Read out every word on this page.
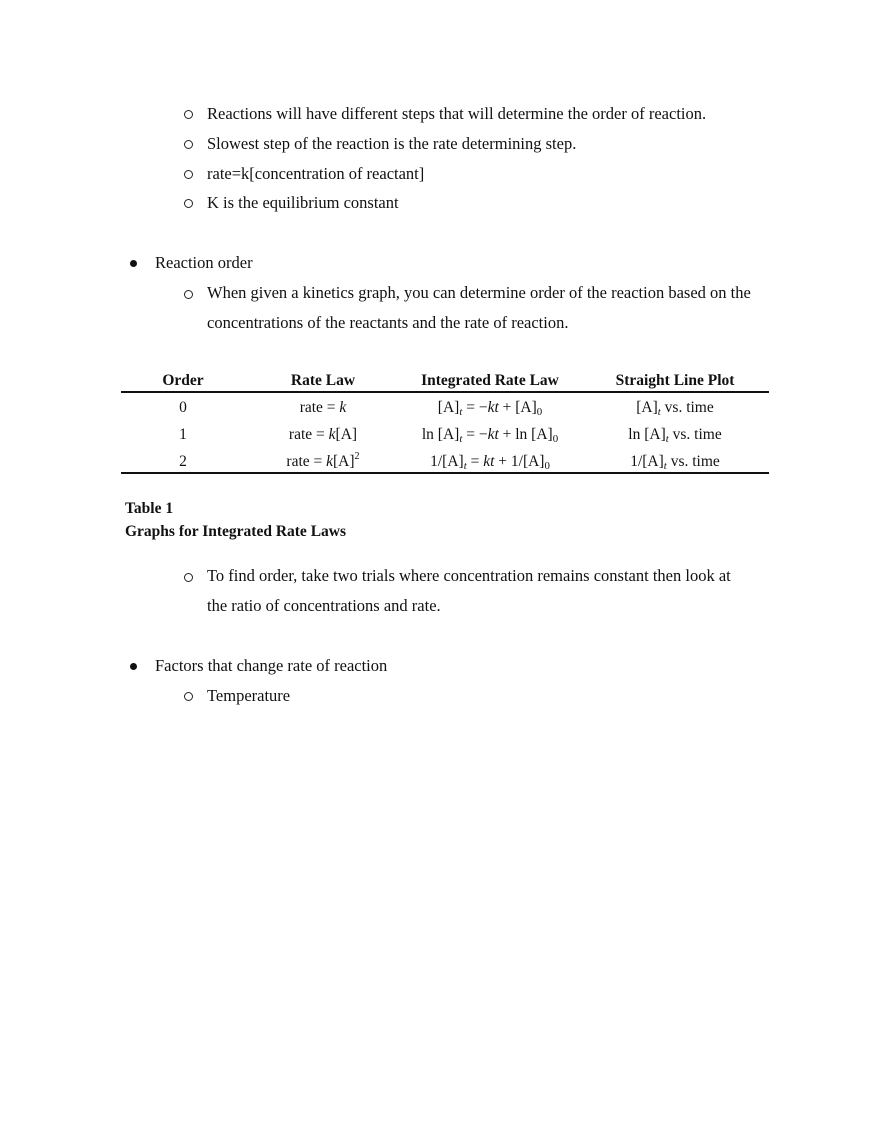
Reactions will have different steps that will determine the order of reaction.
Slowest step of the reaction is the rate determining step.
rate=k[concentration of reactant]
K is the equilibrium constant
Reaction order
When given a kinetics graph, you can determine order of the reaction based on the
concentrations of the reactants and the rate of reaction.
Order	Rate Law	Integrated Rate Law	Straight Line Plot
0	rate = k	$[A]_t = -kt + [A]_0$	$[A]_t$ vs. time
1	rate = k[A]	$\ln [A]_t = -kt + \ln [A]_0$	$\ln [A]_t$ vs. time
2	rate = $k[A]^2$	$1/[A]_t$ = kt + $1/[A]_0$	$1/[A]_t$ vs. time
Table 1
Graphs for Integrated Rate Laws
To find order, take two trials where concentration remains constant then look at
the ratio of concentrations and rate.
Factors that change rate of reaction
Temperature
